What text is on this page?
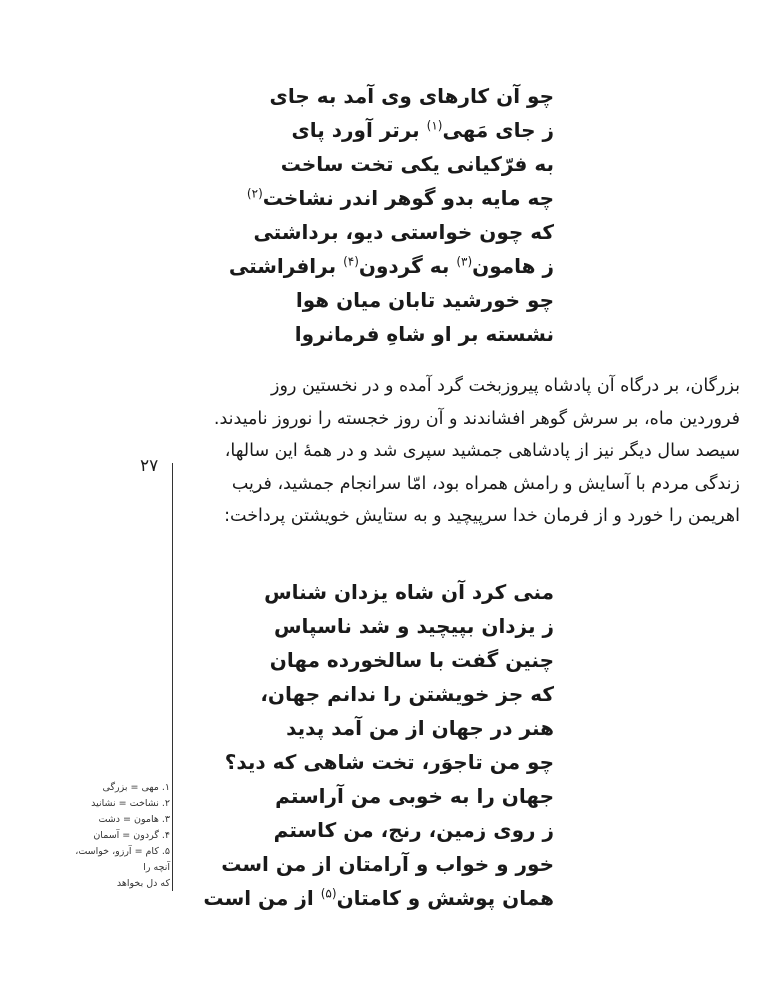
چو آن کارهای وی آمد به جای
ز جای مَهی$^{(۱)}$ برتر آورد پای
به فرّکیانی یکی تخت ساخت
چه مایه بدو گوهر اندر نشاخت$^{(۲)}$
که چون خواستی دیو، برداشتی
ز هامون$^{(۳)}$ به گردون$^{(۴)}$ برافراشتی
چو خورشید تابان میان هوا
نشسته بر او شاهِ فرمانروا
بزرگان، بر درگاه آن پادشاه پیروزبخت گرد آمده و در نخستین روز
فروردین ماه، بر سرش گوهر افشاندند و آن روز خجسته را نوروز نامیدند.
سیصد سال دیگر نیز از پادشاهی جمشید سپری شد و در همهٔ این سالها،
زندگی مردم با آسایش و رامش همراه بود، امّا سرانجام جمشید، فریب
اهریمن را خورد و از فرمان خدا سرپیچید و به ستایش خویشتن پرداخت:
۲۷
منی کرد آن شاه یزدان شناس
ز یزدان بپیچید و شد ناسپاس
چنین گفت با سالخورده مهان
که جز خویشتن را ندانم جهان،
هنر در جهان از من آمد پدید
چو من تاجوَر، تخت شاهی که دید؟
جهان را به خوبی من آراستم
ز روی زمین، رنج، من کاستم
خور و خواب و آرامتان از من است
همان پوشش و کامتان$^{(۵)}$ از من است
۱. مهی = بزرگی
۲. نشاخت = نشانید
۳. هامون = دشت
۴. گردون = آسمان
۵. کام = آرزو، خواست، آنچه را
که دل بخواهد
